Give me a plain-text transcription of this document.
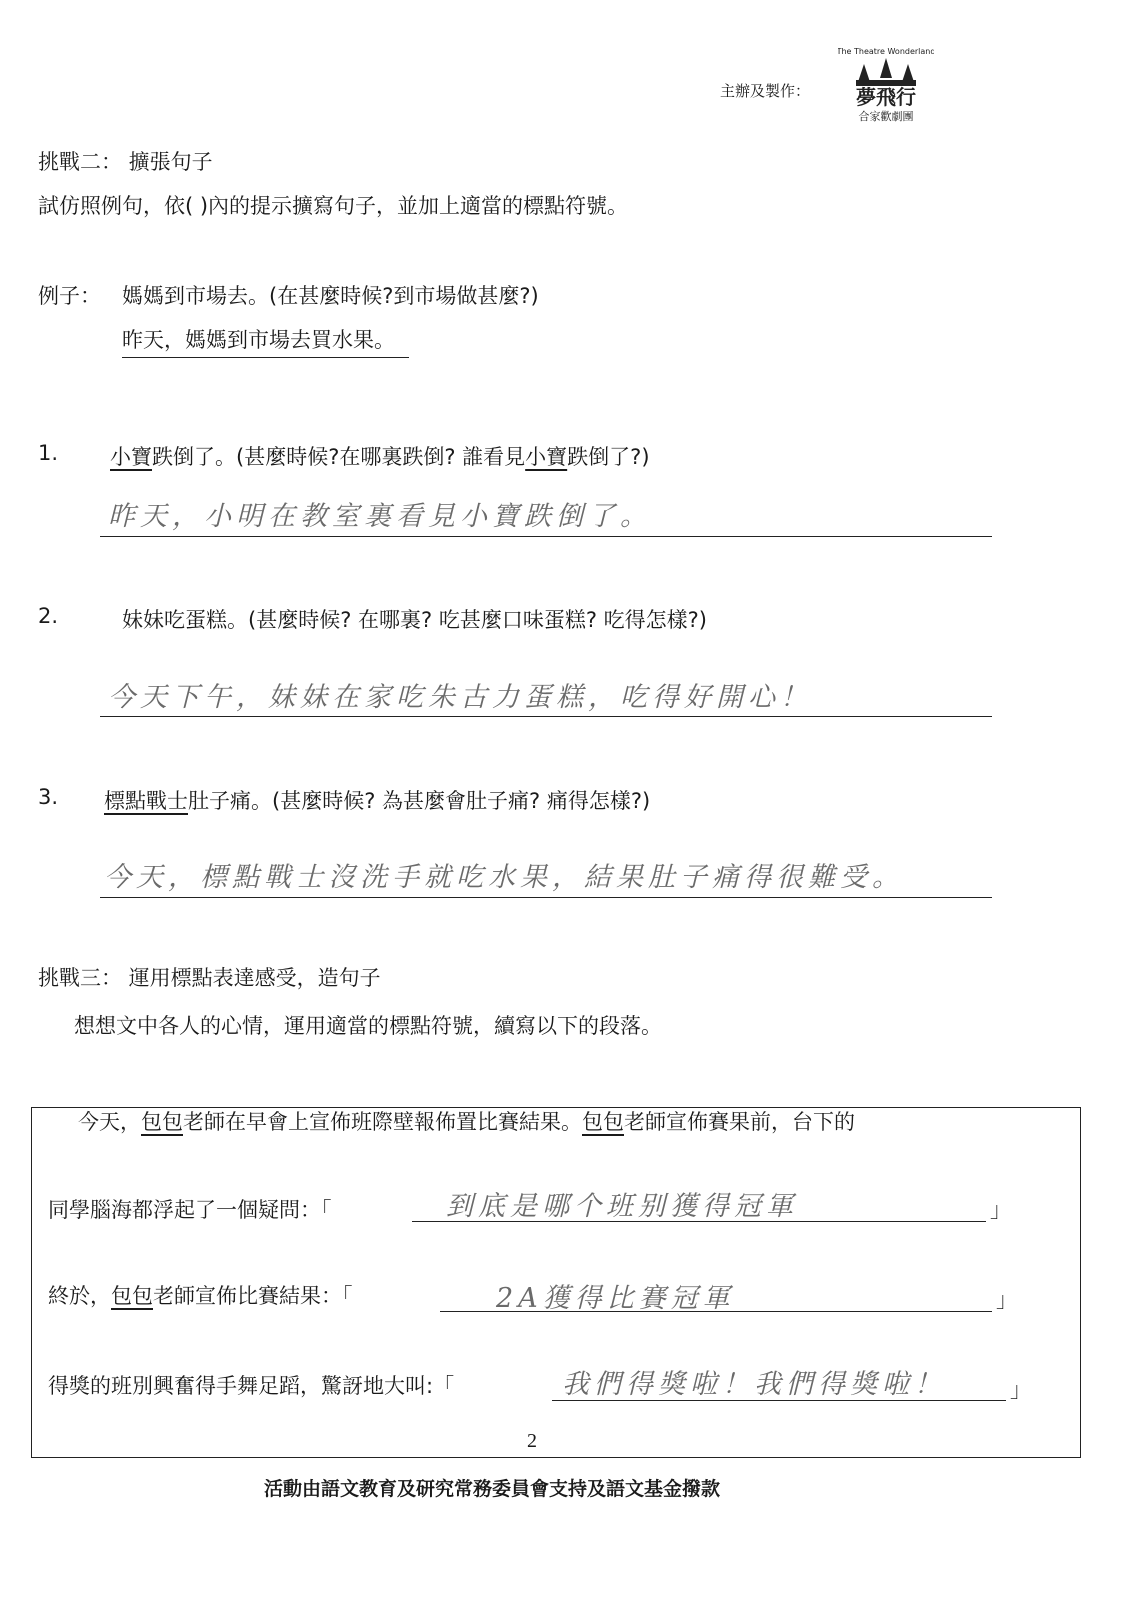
主辦及製作：
The Theatre Wonderland
夢飛行
合家歡劇團
挑戰二： 擴張句子
試仿照例句，依( )內的提示擴寫句子，並加上適當的標點符號。
例子： 媽媽到市場去。(在甚麼時候?到市場做甚麼?)
昨天，媽媽到市場去買水果。
1. 小寶跌倒了。(甚麼時候?在哪裏跌倒? 誰看見小寶跌倒了?)
昨天，小明在教室裏看見小寶跌倒了。
2.	妹妹吃蛋糕。(甚麼時候? 在哪裏? 吃甚麼口味蛋糕? 吃得怎樣?)
今天下午，妹妹在家吃朱古力蛋糕，吃得好開心！
3. 標點戰士肚子痛。(甚麼時候? 為甚麼會肚子痛? 痛得怎樣?)
今天，標點戰士沒洗手就吃水果，結果肚子痛得很難受。
挑戰三： 運用標點表達感受，造句子
想想文中各人的心情，運用適當的標點符號，續寫以下的段落。
今天，包包老師在早會上宣佈班際壁報佈置比賽結果。包包老師宣佈賽果前，台下的
同學腦海都浮起了一個疑問：「	到底是哪个班别獲得冠軍	」
終於，包包老師宣佈比賽結果：「	2A獲得比賽冠軍	」
得獎的班別興奮得手舞足蹈，驚訝地大叫:「	我們得獎啦！我們得獎啦！	」
2
活動由語文教育及研究常務委員會支持及語文基金撥款
